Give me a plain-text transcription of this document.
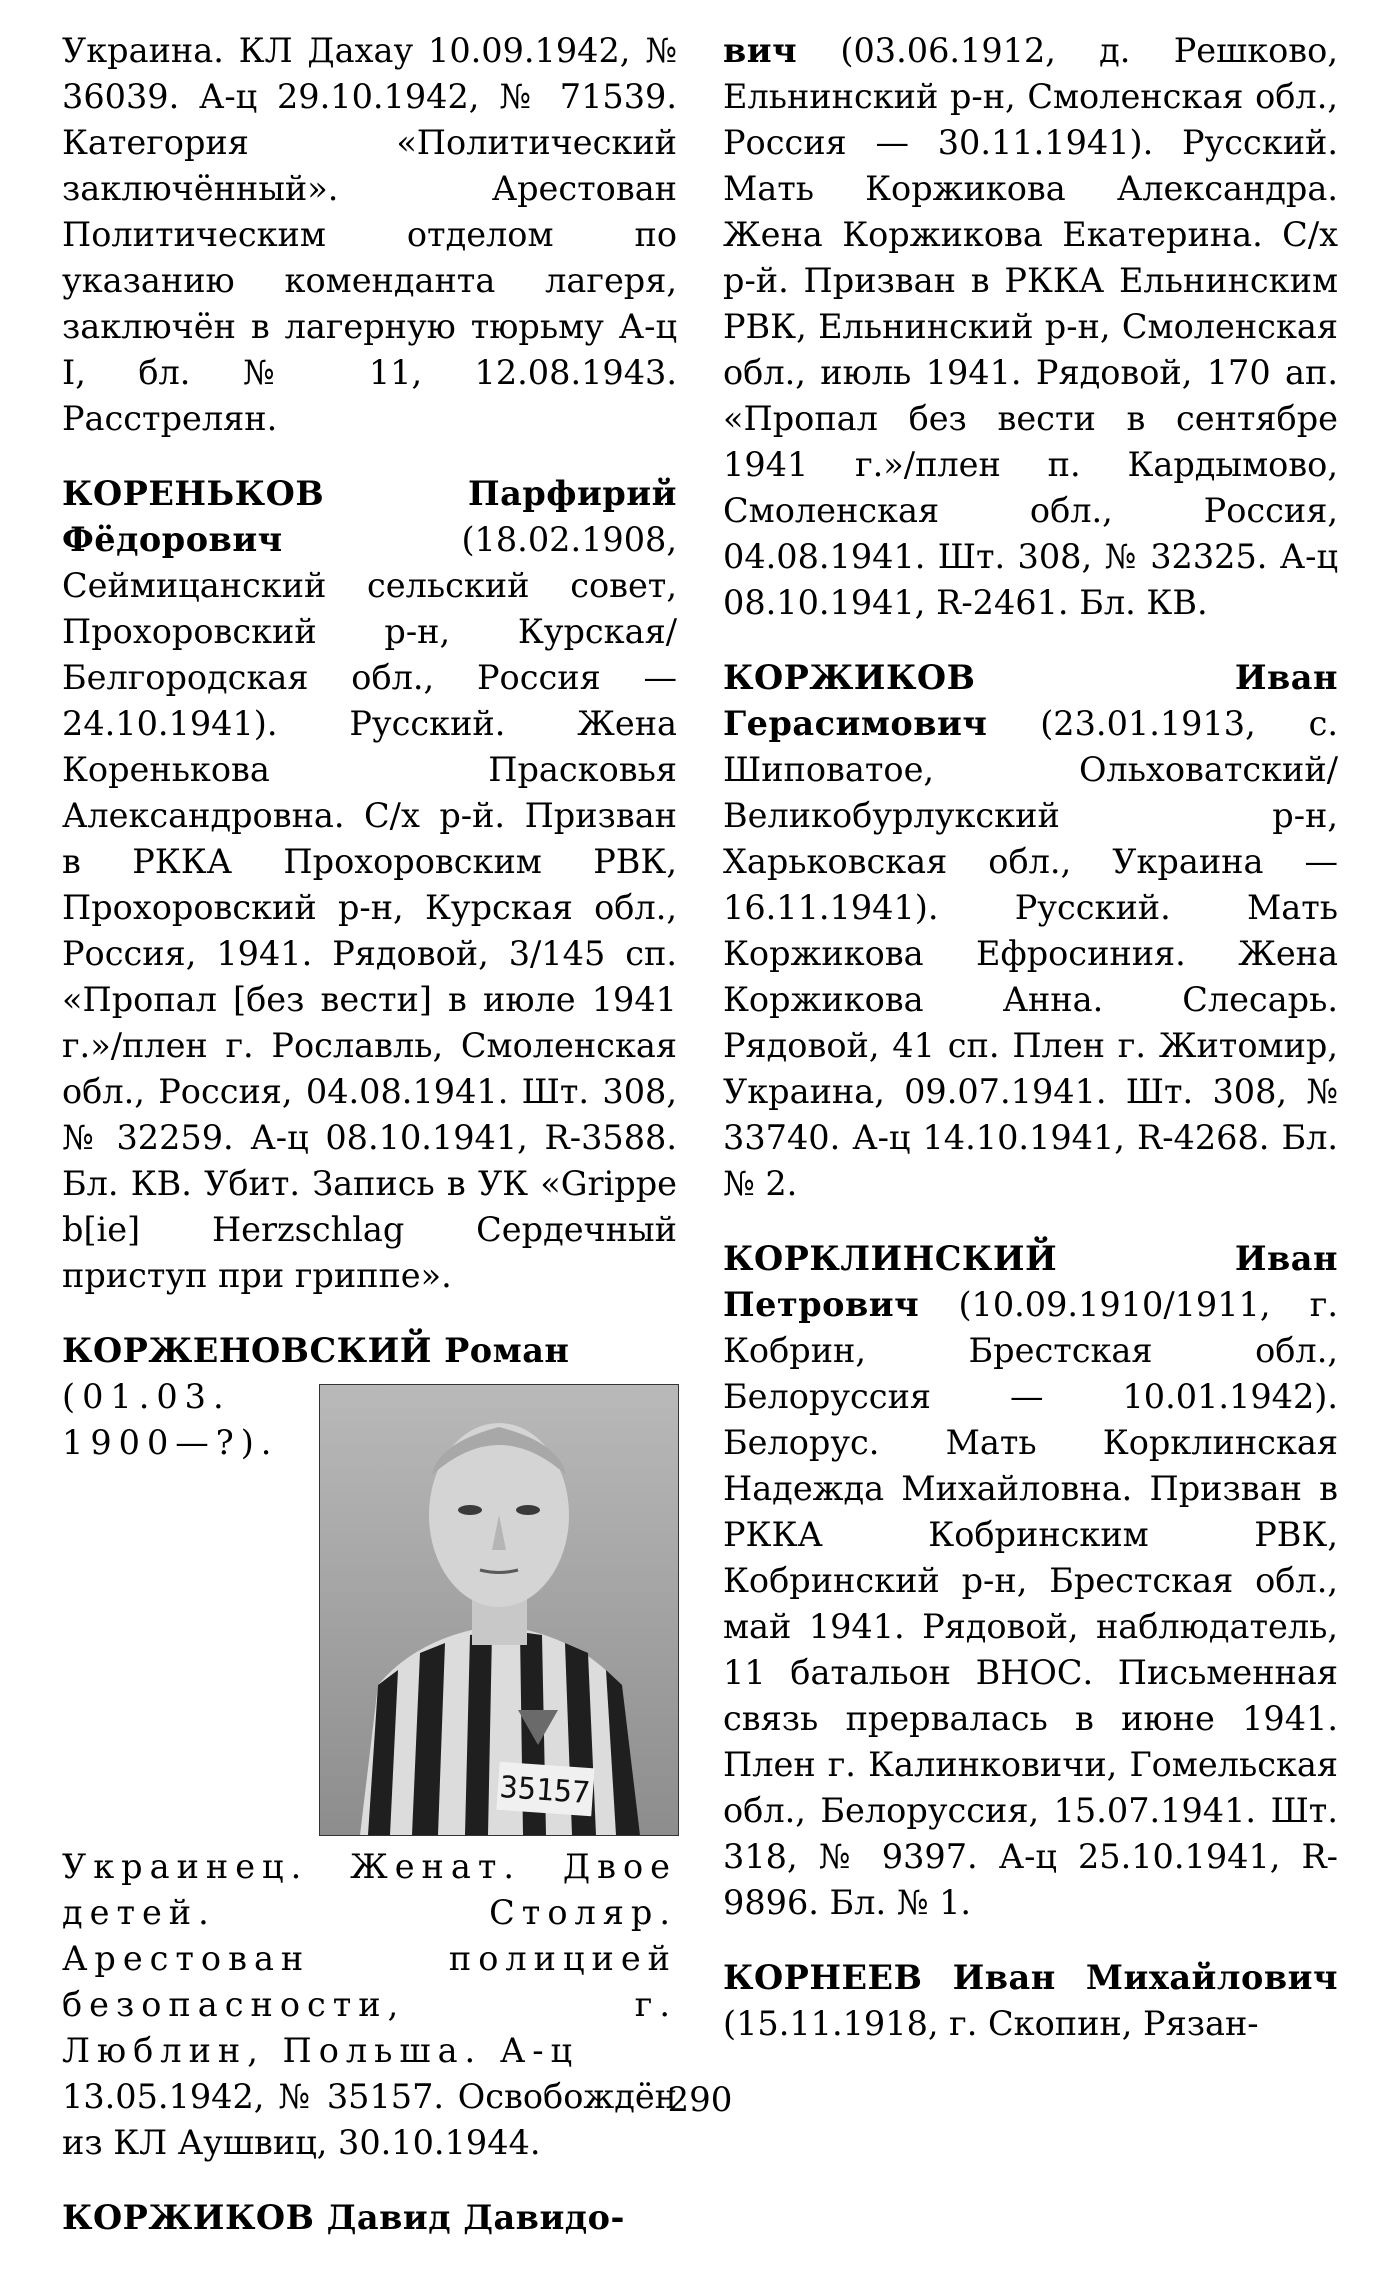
Украина. КЛ Дахау 10.09.1942, № 36039. А-ц 29.10.1942, № 71539. Категория «Политический заключённый». Арестован Политическим отделом по указанию коменданта лагеря, заключён в лагерную тюрьму А-ц I, бл. № 11, 12.08.1943. Расстрелян.

КОРЕНЬКОВ Парфирий Фёдорович	(18.02.1908, Сеймицанский сельский совет, Прохоровский р-н, Курская/Белгородская обл., Россия — 24.10.1941). Русский. Жена Коренькова Прасковья Александровна. С/х р-й. Призван в РККА Прохоровским РВК, Прохоровский р-н, Курская обл., Россия, 1941. Рядовой, 3/145 сп. «Пропал [без вести] в июле 1941 г.»/плен г. Рославль, Смоленская обл., Россия, 04.08.1941. Шт. 308, № 32259. А-ц 08.10.1941, R-3588. Бл. КВ. Убит. Запись в УК «Grippe b[ie] Herzschlag Сердечный приступ при гриппе».

КОРЖЕНОВСКИЙ Роман
35157
(01.03. 1900—?). Украинец. Женат. Двое детей. Столяр. Арестован полицией безопасности, г. Люблин, Польша. А-ц
13.05.1942, № 35157. Освобождён из КЛ Аушвиц, 30.10.1944.

КОРЖИКОВ Давид Давидо-

вич (03.06.1912, д. Решково, Ельнинский р-н, Смоленская обл., Россия — 30.11.1941). Русский. Мать Коржикова Александра. Жена Коржикова Екатерина. С/х р-й. Призван в РККА Ельнинским РВК, Ельнинский р-н, Смоленская обл., июль 1941. Рядовой, 170 ап. «Пропал без вести в сентябре 1941 г.»/плен п. Кардымово, Смоленская обл., Россия, 04.08.1941. Шт. 308, № 32325. А-ц 08.10.1941, R-2461. Бл. КВ.

КОРЖИКОВ Иван Герасимович (23.01.1913, с. Шиповатое, Ольховатский/Великобурлукский р-н, Харьковская обл., Украина — 16.11.1941). Русский. Мать Коржикова Ефросиния. Жена Коржикова Анна. Слесарь. Рядовой, 41 сп. Плен г. Житомир, Украина, 09.07.1941. Шт. 308, № 33740. А-ц 14.10.1941, R-4268. Бл. № 2.

КОРКЛИНСКИЙ Иван Петрович (10.09.1910/1911, г. Кобрин, Брестская обл., Белоруссия — 10.01.1942). Белорус. Мать Корклинская Надежда Михайловна. Призван в РККА Кобринским РВК, Кобринский р-н, Брестская обл., май 1941. Рядовой, наблюдатель, 11 батальон ВНОС. Письменная связь прервалась в июне 1941. Плен г. Калинковичи, Гомельская обл., Белоруссия, 15.07.1941. Шт. 318, № 9397. А-ц 25.10.1941, R-9896. Бл. № 1.

КОРНЕЕВ Иван Михайлович (15.11.1918, г. Скопин, Рязан-

290
